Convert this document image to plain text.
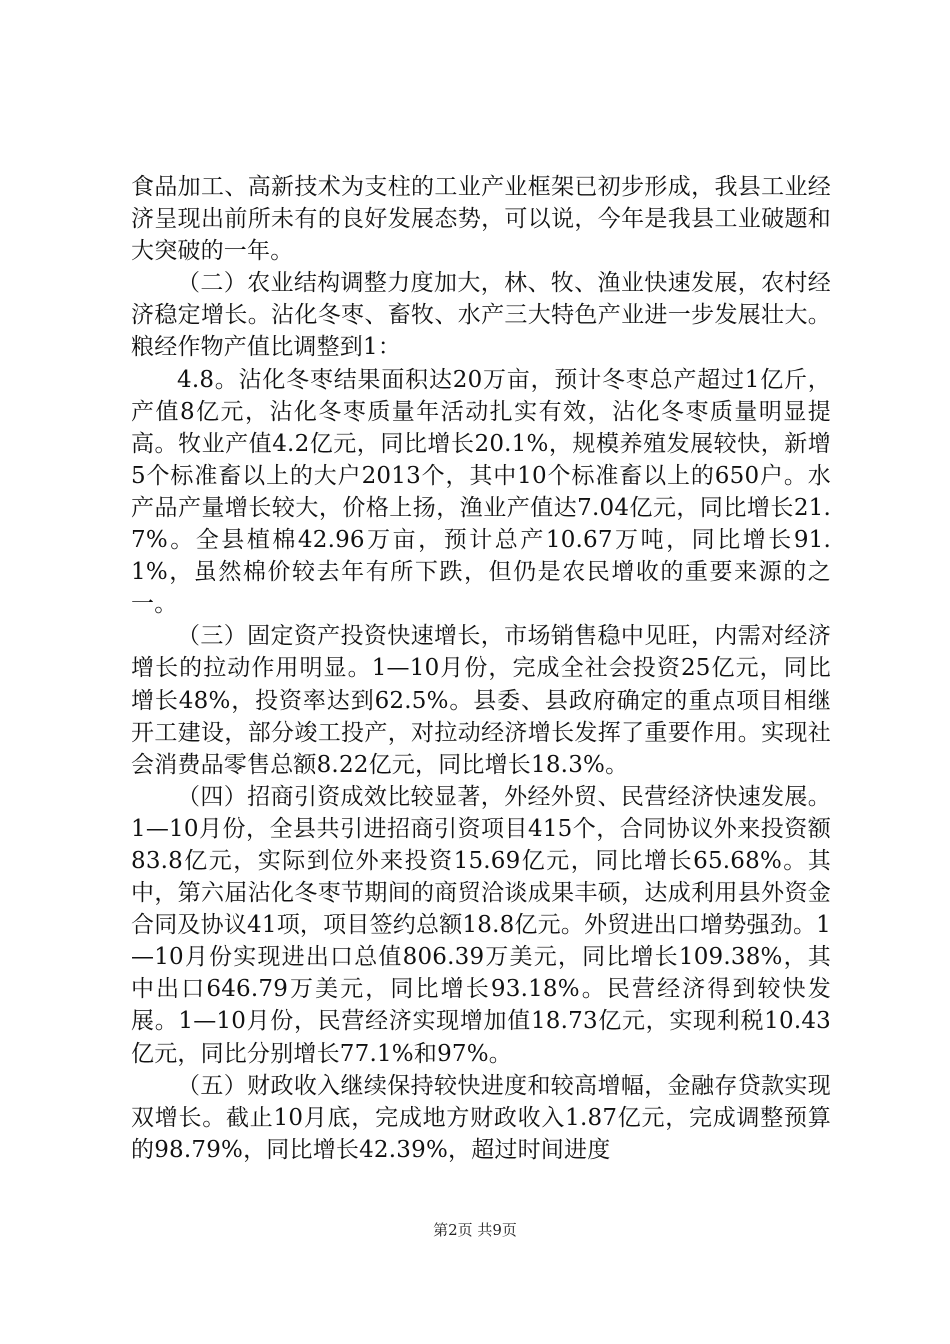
食品加工、高新技术为支柱的工业产业框架已初步形成，我县工业经济呈现出前所未有的良好发展态势，可以说，今年是我县工业破题和大突破的一年。

（二）农业结构调整力度加大，林、牧、渔业快速发展，农村经济稳定增长。沾化冬枣、畜牧、水产三大特色产业进一步发展壮大。粮经作物产值比调整到1：

4.8。沾化冬枣结果面积达20万亩，预计冬枣总产超过1亿斤，产值8亿元，沾化冬枣质量年活动扎实有效，沾化冬枣质量明显提高。牧业产值4.2亿元，同比增长20.1%，规模养殖发展较快，新增5个标准畜以上的大户2013个，其中10个标准畜以上的650户。水产品产量增长较大，价格上扬，渔业产值达7.04亿元，同比增长21.7%。全县植棉42.96万亩，预计总产10.67万吨，同比增长91.1%，虽然棉价较去年有所下跌，但仍是农民增收的重要来源的之一。

（三）固定资产投资快速增长，市场销售稳中见旺，内需对经济增长的拉动作用明显。1—10月份，完成全社会投资25亿元，同比增长48%，投资率达到62.5%。县委、县政府确定的重点项目相继开工建设，部分竣工投产，对拉动经济增长发挥了重要作用。实现社会消费品零售总额8.22亿元，同比增长18.3%。

（四）招商引资成效比较显著，外经外贸、民营经济快速发展。1—10月份，全县共引进招商引资项目415个，合同协议外来投资额83.8亿元，实际到位外来投资15.69亿元，同比增长65.68%。其中，第六届沾化冬枣节期间的商贸洽谈成果丰硕，达成利用县外资金合同及协议41项，项目签约总额18.8亿元。外贸进出口增势强劲。1—10月份实现进出口总值806.39万美元，同比增长109.38%，其中出口646.79万美元，同比增长93.18%。民营经济得到较快发展。1—10月份，民营经济实现增加值18.73亿元，实现利税10.43亿元，同比分别增长77.1%和97%。

（五）财政收入继续保持较快进度和较高增幅，金融存贷款实现双增长。截止10月底，完成地方财政收入1.87亿元，完成调整预算的98.79%，同比增长42.39%，超过时间进度

第2页 共9页
